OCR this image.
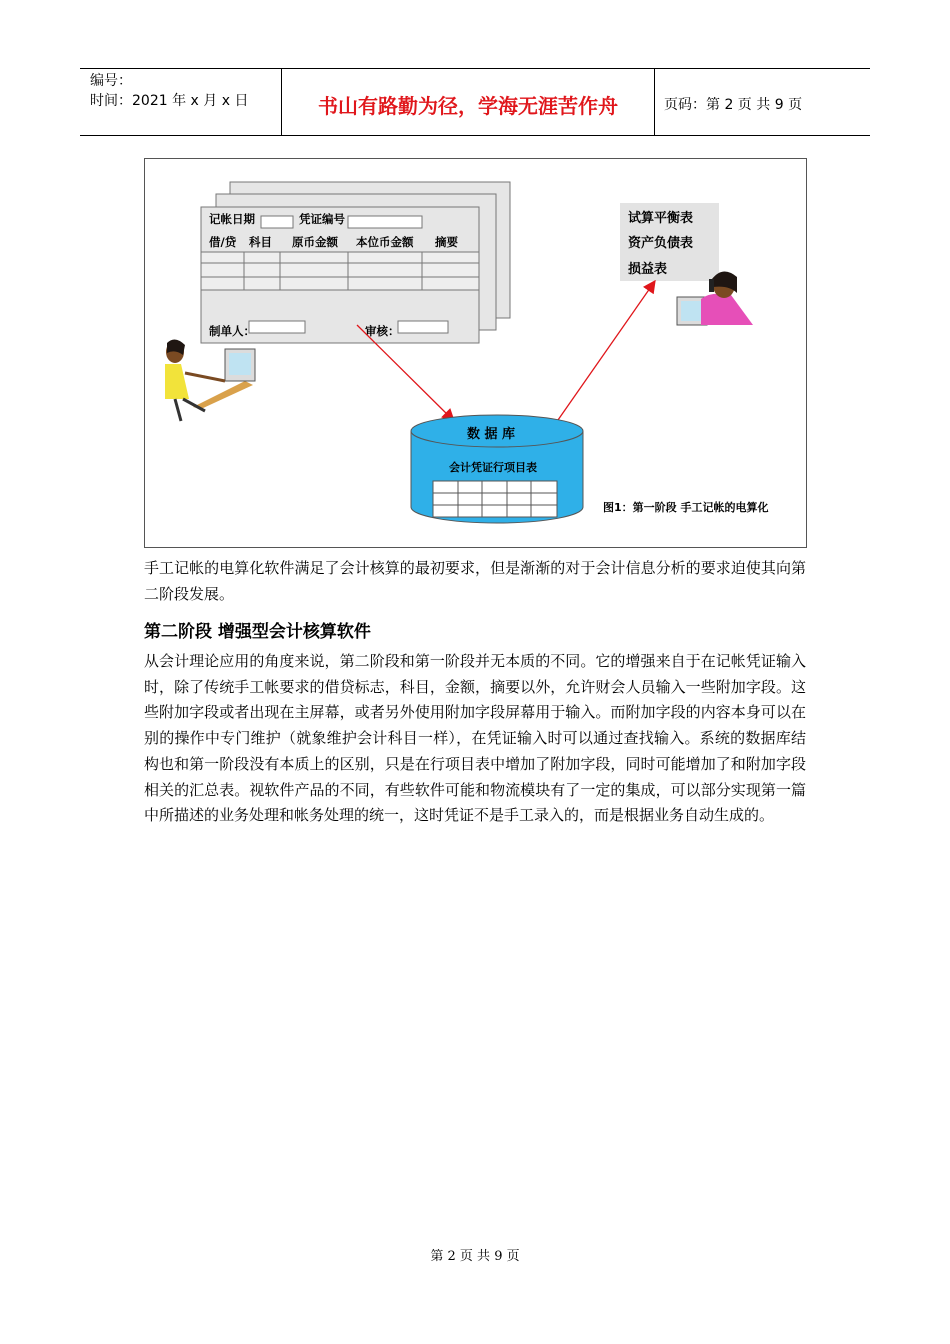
编号：
时间：2021 年 x 月 x 日	书山有路勤为径，学海无涯苦作舟	页码：第 2 页 共 9 页
记帐日期	凭证编号
借/贷 科目 原币金额 本位币金额 摘要
制单人：	审核：
试算平衡表
资产负债表
损益表
数 据 库
会计凭证行项目表
图1：第一阶段 手工记帐的电算化
手工记帐的电算化软件满足了会计核算的最初要求，但是渐渐的对于会计信息分析的要求迫使其向第二阶段发展。
第二阶段 增强型会计核算软件
从会计理论应用的角度来说，第二阶段和第一阶段并无本质的不同。它的增强来自于在记帐凭证输入时，除了传统手工帐要求的借贷标志，科目，金额，摘要以外，允许财会人员输入一些附加字段。这些附加字段或者出现在主屏幕，或者另外使用附加字段屏幕用于输入。而附加字段的内容本身可以在别的操作中专门维护（就象维护会计科目一样），在凭证输入时可以通过查找输入。系统的数据库结构也和第一阶段没有本质上的区别，只是在行项目表中增加了附加字段，同时可能增加了和附加字段相关的汇总表。视软件产品的不同，有些软件可能和物流模块有了一定的集成，可以部分实现第一篇中所描述的业务处理和帐务处理的统一，这时凭证不是手工录入的，而是根据业务自动生成的。
第 2 页 共 9 页
